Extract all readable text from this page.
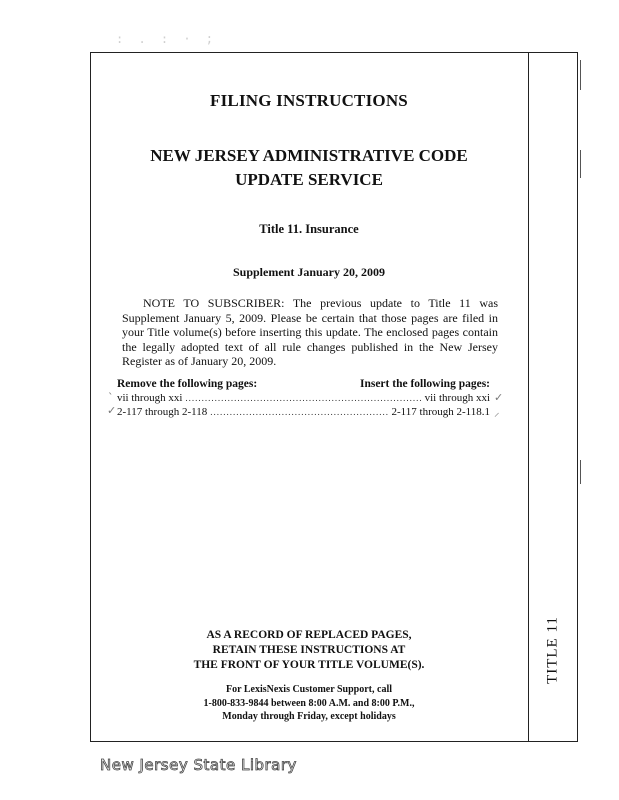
: . : · ;
FILING INSTRUCTIONS
NEW JERSEY ADMINISTRATIVE CODE
UPDATE SERVICE
Title 11. Insurance
Supplement January 20, 2009
NOTE TO SUBSCRIBER: The previous update to Title 11 was Supplement January 5, 2009. Please be certain that those pages are filed in your Title volume(s) before inserting this update. The enclosed pages contain the legally adopted text of all rule changes published in the New Jersey Register as of January 20, 2009.
Remove the following pages:	Insert the following pages:
vii through xxi .....	vii through xxi
2-117 through 2-118 .....	2-117 through 2-118.1
ˋ
✓
✓
⸝
AS A RECORD OF REPLACED PAGES,
RETAIN THESE INSTRUCTIONS AT
THE FRONT OF YOUR TITLE VOLUME(S).
For LexisNexis Customer Support, call
1-800-833-9844 between 8:00 A.M. and 8:00 P.M.,
Monday through Friday, except holidays
TITLE 11
New Jersey State Library
